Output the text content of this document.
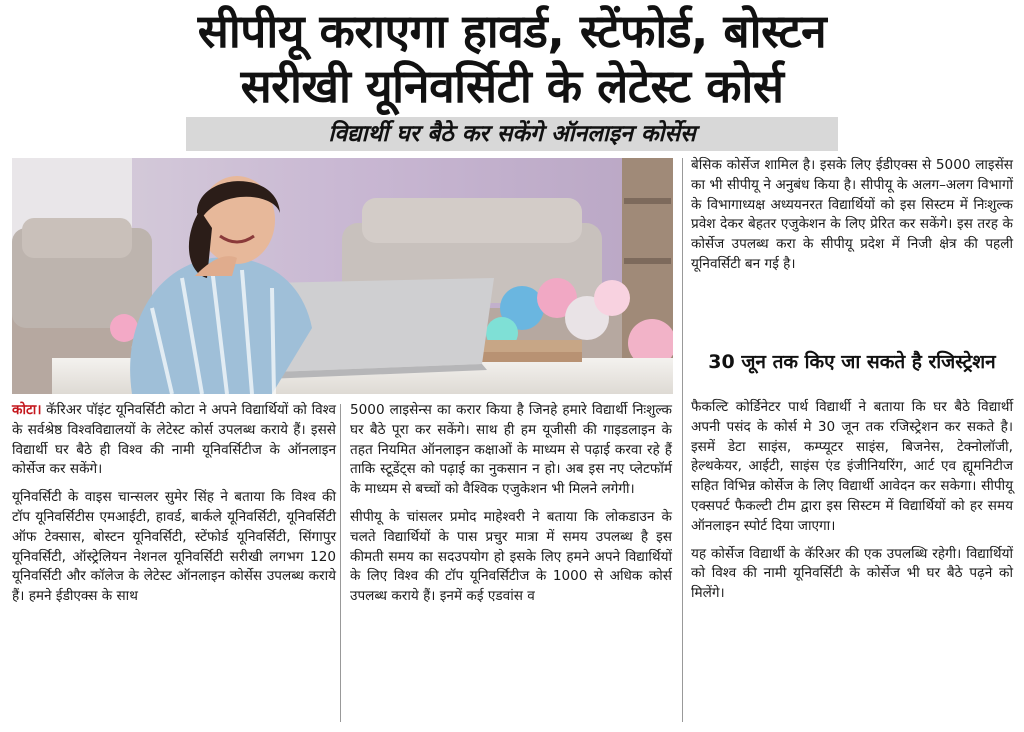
सीपीयू कराएगा हावर्ड, स्टेंफोर्ड, बोस्टन
सरीखी यूनिवर्सिटी के लेटेस्ट कोर्स
विद्यार्थी घर बैठे कर सकेंगे ऑनलाइन कोर्सेस

कोटा। कॅरिअर पॉइंट यूनिवर्सिटी कोटा ने अपने विद्यार्थियों को विश्व के सर्वश्रेष्ठ विश्वविद्यालयों के लेटेस्ट कोर्स उपलब्ध कराये हैं। इससे विद्यार्थी घर बैठे ही विश्व की नामी यूनिवर्सिटीज के ऑनलाइन कोर्सेज कर सकेंगे।

यूनिवर्सिटी के वाइस चान्सलर सुमेर सिंह ने बताया कि विश्व की टॉप यूनिवर्सिटीस एमआईटी, हावर्ड, बार्कले यूनिवर्सिटी, यूनिवर्सिटी ऑफ टेक्सास, बोस्टन यूनिवर्सिटी, स्टेंफोर्ड यूनिवर्सिटी, सिंगापुर यूनिवर्सिटी, ऑस्ट्रेलियन नेशनल यूनिवर्सिटी सरीखी लगभग 120 यूनिवर्सिटी और कॉलेज के लेटेस्ट ऑनलाइन कोर्सेस उपलब्ध कराये हैं। हमने ईडीएक्स के साथ

5000 लाइसेन्स का करार किया है जिनहे हमारे विद्यार्थी निःशुल्क घर बैठे पूरा कर सकेंगे। साथ ही हम यूजीसी की गाइडलाइन के तहत नियमित ऑनलाइन कक्षाओं के माध्यम से पढ़ाई करवा रहे हैं ताकि स्टूडेंट्स को पढ़ाई का नुकसान न हो। अब इस नए प्लेटफॉर्म के माध्यम से बच्चों को वैश्विक एजुकेशन भी मिलने लगेगी।

सीपीयू के चांसलर प्रमोद माहेश्वरी ने बताया कि लोकडाउन के चलते विद्यार्थियों के पास प्रचुर मात्रा में समय उपलब्ध है इस कीमती समय का सदउपयोग हो इसके लिए हमने अपने विद्यार्थियों के लिए विश्व की टॉप यूनिवर्सिटीज के 1000 से अधिक कोर्स उपलब्ध कराये हैं। इनमें कई एडवांस व

बेसिक कोर्सेज शामिल है। इसके लिए ईडीएक्स से 5000 लाइसेंस का भी सीपीयू ने अनुबंध किया है। सीपीयू के अलग–अलग विभागों के विभागाध्यक्ष अध्ययनरत विद्यार्थियों को इस सिस्टम में निःशुल्क प्रवेश देकर बेहतर एजुकेशन के लिए प्रेरित कर सकेंगे। इस तरह के कोर्सेज उपलब्ध करा के सीपीयू प्रदेश में निजी क्षेत्र की पहली यूनिवर्सिटी बन गई है।

30 जून तक किए जा सकते है रजिस्ट्रेशन

फैकल्टि कोर्डिनेटर पार्थ विद्यार्थी ने बताया कि घर बैठे विद्यार्थी अपनी पसंद के कोर्स मे 30 जून तक रजिस्ट्रेशन कर सकते है। इसमें डेटा साइंस, कम्प्यूटर साइंस, बिजनेस, टेक्नोलॉजी, हेल्थकेयर, आईटी, साइंस एंड इंजीनियरिंग, आर्ट एव ह्यूमनिटीज सहित विभिन्न कोर्सेज के लिए विद्यार्थी आवेदन कर सकेगा। सीपीयू एक्सपर्ट फैकल्टी टीम द्वारा इस सिस्टम में विद्यार्थियों को हर समय ऑनलाइन स्पोर्ट दिया जाएगा।

यह कोर्सेज विद्यार्थी के कॅरिअर की एक उपलब्धि रहेगी। विद्यार्थियों को विश्व की नामी यूनिवर्सिटी के कोर्सेज भी घर बैठे पढ़ने को मिलेंगे।
